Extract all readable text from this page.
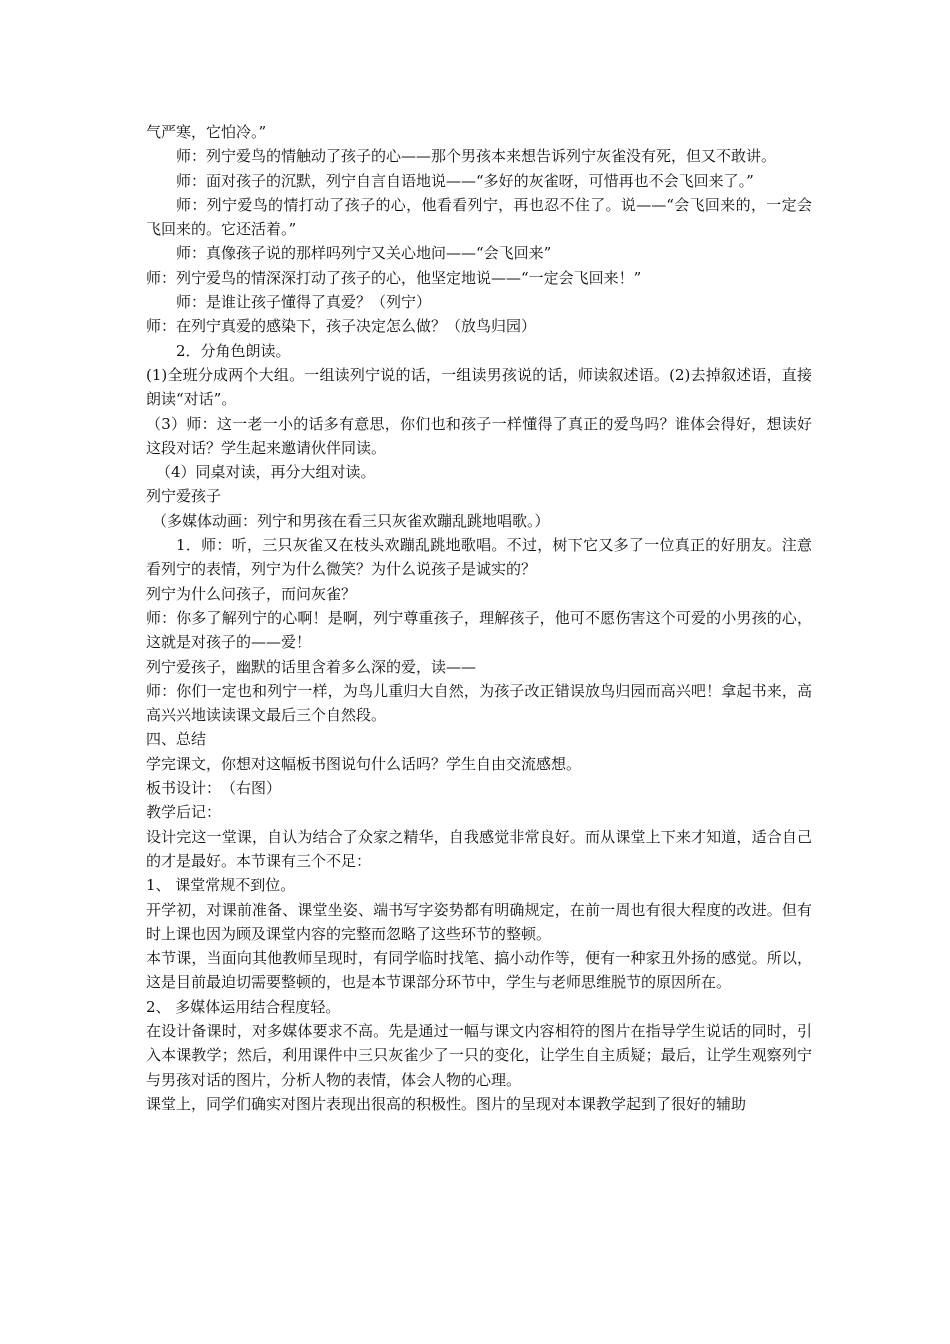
气严寒，它怕冷。”

师：列宁爱鸟的情触动了孩子的心——那个男孩本来想告诉列宁灰雀没有死，但又不敢讲。

师：面对孩子的沉默，列宁自言自语地说——“多好的灰雀呀，可惜再也不会飞回来了。”

师：列宁爱鸟的情打动了孩子的心，他看看列宁，再也忍不住了。说——“会飞回来的，一定会飞回来的。它还活着。”

师：真像孩子说的那样吗列宁又关心地问——“会飞回来”

师：列宁爱鸟的情深深打动了孩子的心，他坚定地说——“一定会飞回来！”

师：是谁让孩子懂得了真爱？（列宁）

师：在列宁真爱的感染下，孩子决定怎么做？（放鸟归园）

2．分角色朗读。

(1)全班分成两个大组。一组读列宁说的话，一组读男孩说的话，师读叙述语。(2)去掉叙述语，直接朗读“对话”。

（3）师：这一老一小的话多有意思，你们也和孩子一样懂得了真正的爱鸟吗？谁体会得好，想读好这段对话？学生起来邀请伙伴同读。

（4）同桌对读，再分大组对读。

列宁爱孩子

（多媒体动画：列宁和男孩在看三只灰雀欢蹦乱跳地唱歌。）

1．师：听，三只灰雀又在枝头欢蹦乱跳地歌唱。不过，树下它又多了一位真正的好朋友。注意看列宁的表情，列宁为什么微笑？为什么说孩子是诚实的？

列宁为什么问孩子，而问灰雀？

师：你多了解列宁的心啊！是啊，列宁尊重孩子，理解孩子，他可不愿伤害这个可爱的小男孩的心，这就是对孩子的——爱！

列宁爱孩子，幽默的话里含着多么深的爱，读——

师：你们一定也和列宁一样，为鸟儿重归大自然，为孩子改正错误放鸟归园而高兴吧！拿起书来，高高兴兴地读读课文最后三个自然段。

四、总结

学完课文，你想对这幅板书图说句什么话吗？学生自由交流感想。

板书设计：　（右图）

教学后记：

设计完这一堂课，自认为结合了众家之精华，自我感觉非常良好。而从课堂上下来才知道，适合自己的才是最好。本节课有三个不足：

1、 课堂常规不到位。

开学初，对课前准备、课堂坐姿、端书写字姿势都有明确规定，在前一周也有很大程度的改进。但有时上课也因为顾及课堂内容的完整而忽略了这些环节的整顿。

本节课，当面向其他教师呈现时，有同学临时找笔、搞小动作等，便有一种家丑外扬的感觉。所以，这是目前最迫切需要整顿的，也是本节课部分环节中，学生与老师思维脱节的原因所在。

2、 多媒体运用结合程度轻。

在设计备课时，对多媒体要求不高。先是通过一幅与课文内容相符的图片在指导学生说话的同时，引入本课教学；然后，利用课件中三只灰雀少了一只的变化，让学生自主质疑；最后，让学生观察列宁与男孩对话的图片，分析人物的表情，体会人物的心理。

课堂上，同学们确实对图片表现出很高的积极性。图片的呈现对本课教学起到了很好的辅助
